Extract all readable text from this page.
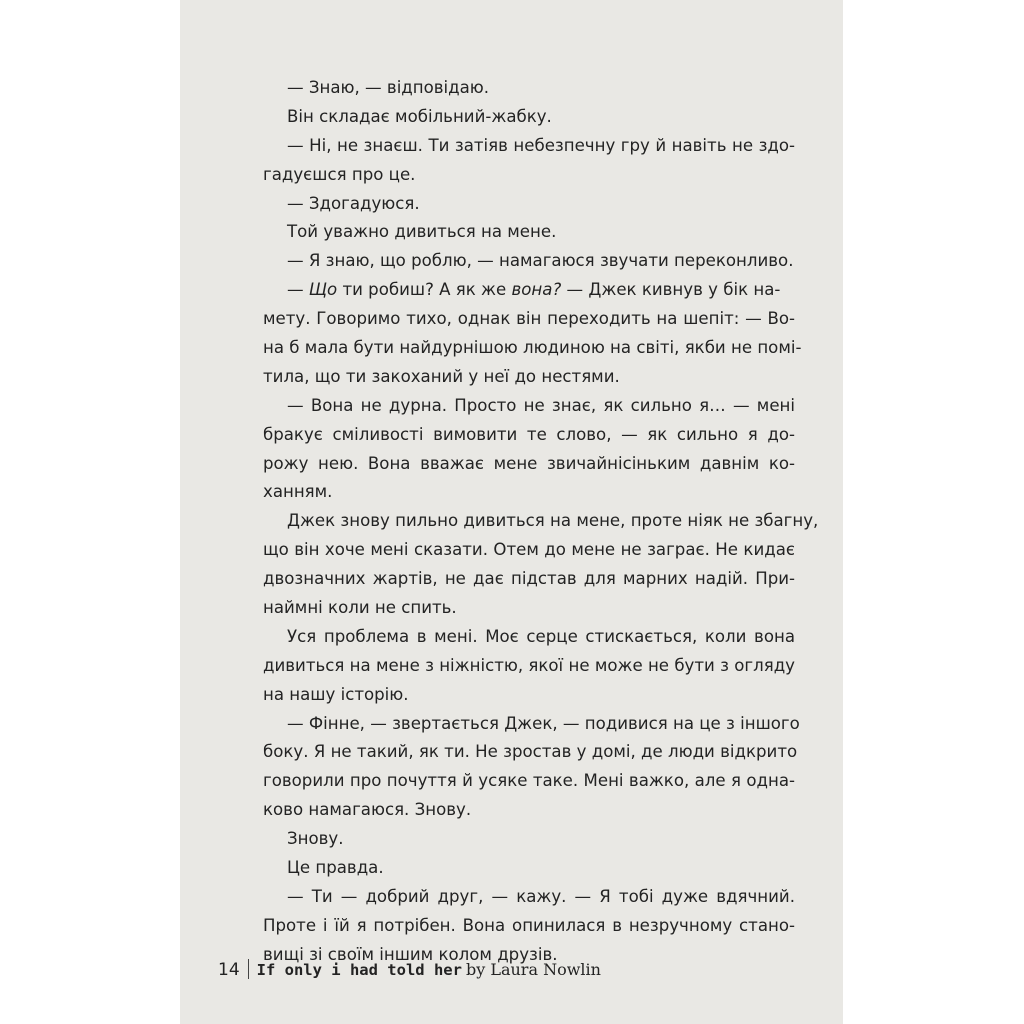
— Знаю, — відповідаю.
Він складає мобільний-жабку.
— Ні, не знаєш. Ти затіяв небезпечну гру й навіть не здо-
гадуєшся про це.
— Здогадуюся.
Той уважно дивиться на мене.
— Я знаю, що роблю, — намагаюся звучати переконливо.
— Що ти робиш? А як же вона? — Джек кивнув у бік на-
мету. Говоримо тихо, однак він переходить на шепіт: — Во-
на б мала бути найдурнішою людиною на світі, якби не помі-
тила, що ти закоханий у неї до нестями.
— Вона не дурна. Просто не знає, як сильно я… — мені
бракує сміливості вимовити те слово, — як сильно я до-
рожу нею. Вона вважає мене звичайнісіньким давнім ко-
ханням.
Джек знову пильно дивиться на мене, проте ніяк не збагну,
що він хоче мені сказати. Отем до мене не заграє. Не кидає
двозначних жартів, не дає підстав для марних надій. При-
наймні коли не спить.
Уся проблема в мені. Моє серце стискається, коли вона
дивиться на мене з ніжністю, якої не може не бути з огляду
на нашу історію.
— Фінне, — звертається Джек, — подивися на це з іншого
боку. Я не такий, як ти. Не зростав у домі, де люди відкрито
говорили про почуття й усяке таке. Мені важко, але я одна-
ково намагаюся. Знову.
Знову.
Це правда.
— Ти — добрий друг, — кажу. — Я тобі дуже вдячний.
Проте і їй я потрібен. Вона опинилася в незручному стано-
вищі зі своїм іншим колом друзів.
14 If only i had told her by Laura Nowlin
